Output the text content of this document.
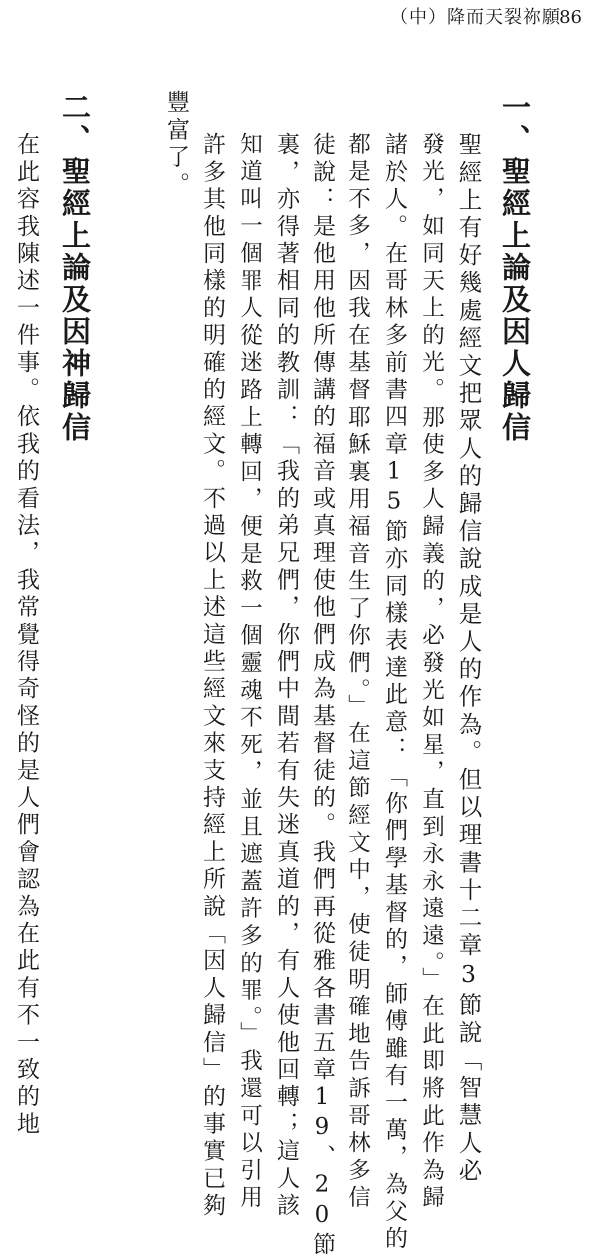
（中）降而天裂祢願
86
一、聖經上論及因人歸信
聖經上有好幾處經文把眾人的歸信說成是人的作為。但以理書十二章3節說「智慧人必
發光，如同天上的光。那使多人歸義的，必發光如星，直到永永遠遠。」在此即將此作為歸
諸於人。在哥林多前書四章15節亦同樣表達此意：「你們學基督的，師傅雖有一萬，為父的
都是不多，因我在基督耶穌裏用福音生了你們。」在這節經文中，使徒明確地告訴哥林多信
徒說：是他用他所傳講的福音或真理使他們成為基督徒的。我們再從雅各書五章19、20節
裏，亦得著相同的教訓：「我的弟兄們，你們中間若有失迷真道的，有人使他回轉；這人該
知道叫一個罪人從迷路上轉回，便是救一個靈魂不死，並且遮蓋許多的罪。」我還可以引用
許多其他同樣的明確的經文。不過以上述這些經文來支持經上所說「因人歸信」的事實已夠
豐富了。
二、聖經上論及因神歸信
在此容我陳述一件事。依我的看法，我常覺得奇怪的是人們會認為在此有不一致的地
